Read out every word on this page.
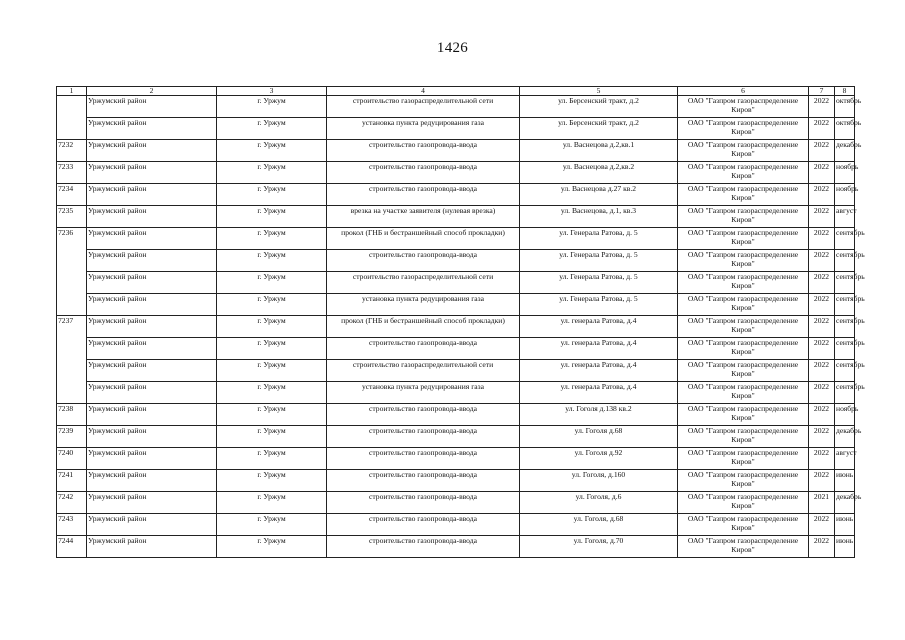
1426
1	2	3	4	5	6	7	8
	Уржумский район	г. Уржум	строительство газораспределительной сети	ул. Берсенский тракт, д.2	ОАО "Газпром газораспределение Киров"	2022	октябрь
	Уржумский район	г. Уржум	установка пункта редуцирования газа	ул. Берсенский тракт, д.2	ОАО "Газпром газораспределение Киров"	2022	октябрь
7232	Уржумский район	г. Уржум	строительство газопровода-ввода	ул. Васнецова д.2,кв.1	ОАО "Газпром газораспределение Киров"	2022	декабрь
7233	Уржумский район	г. Уржум	строительство газопровода-ввода	ул. Васнецова д.2,кв.2	ОАО "Газпром газораспределение Киров"	2022	ноябрь
7234	Уржумский район	г. Уржум	строительство газопровода-ввода	ул. Васнецова д.27 кв.2	ОАО "Газпром газораспределение Киров"	2022	ноябрь
7235	Уржумский район	г. Уржум	врезка на участке заявителя (нулевая врезка)	ул. Васнецова, д.1, кв.3	ОАО "Газпром газораспределение Киров"	2022	август
7236	Уржумский район	г. Уржум	прокол (ГНБ и бестраншейный способ прокладки)	ул. Генерала Ратова, д. 5	ОАО "Газпром газораспределение Киров"	2022	сентябрь
	Уржумский район	г. Уржум	строительство газопровода-ввода	ул. Генерала Ратова, д. 5	ОАО "Газпром газораспределение Киров"	2022	сентябрь
	Уржумский район	г. Уржум	строительство газораспределительной сети	ул. Генерала Ратова, д. 5	ОАО "Газпром газораспределение Киров"	2022	сентябрь
	Уржумский район	г. Уржум	установка пункта редуцирования газа	ул. Генерала Ратова, д. 5	ОАО "Газпром газораспределение Киров"	2022	сентябрь
7237	Уржумский район	г. Уржум	прокол (ГНБ и бестраншейный способ прокладки)	ул. генерала Ратова, д.4	ОАО "Газпром газораспределение Киров"	2022	сентябрь
	Уржумский район	г. Уржум	строительство газопровода-ввода	ул. генерала Ратова, д.4	ОАО "Газпром газораспределение Киров"	2022	сентябрь
	Уржумский район	г. Уржум	строительство газораспределительной сети	ул. генерала Ратова, д.4	ОАО "Газпром газораспределение Киров"	2022	сентябрь
	Уржумский район	г. Уржум	установка пункта редуцирования газа	ул. генерала Ратова, д.4	ОАО "Газпром газораспределение Киров"	2022	сентябрь
7238	Уржумский район	г. Уржум	строительство газопровода-ввода	ул. Гоголя д.138 кв.2	ОАО "Газпром газораспределение Киров"	2022	ноябрь
7239	Уржумский район	г. Уржум	строительство газопровода-ввода	ул. Гоголя д.68	ОАО "Газпром газораспределение Киров"	2022	декабрь
7240	Уржумский район	г. Уржум	строительство газопровода-ввода	ул. Гоголя д.92	ОАО "Газпром газораспределение Киров"	2022	август
7241	Уржумский район	г. Уржум	строительство газопровода-ввода	ул. Гоголя, д.160	ОАО "Газпром газораспределение Киров"	2022	июнь
7242	Уржумский район	г. Уржум	строительство газопровода-ввода	ул. Гоголя, д.6	ОАО "Газпром газораспределение Киров"	2021	декабрь
7243	Уржумский район	г. Уржум	строительство газопровода-ввода	ул. Гоголя, д.68	ОАО "Газпром газораспределение Киров"	2022	июнь
7244	Уржумский район	г. Уржум	строительство газопровода-ввода	ул. Гоголя, д.70	ОАО "Газпром газораспределение Киров"	2022	июнь
